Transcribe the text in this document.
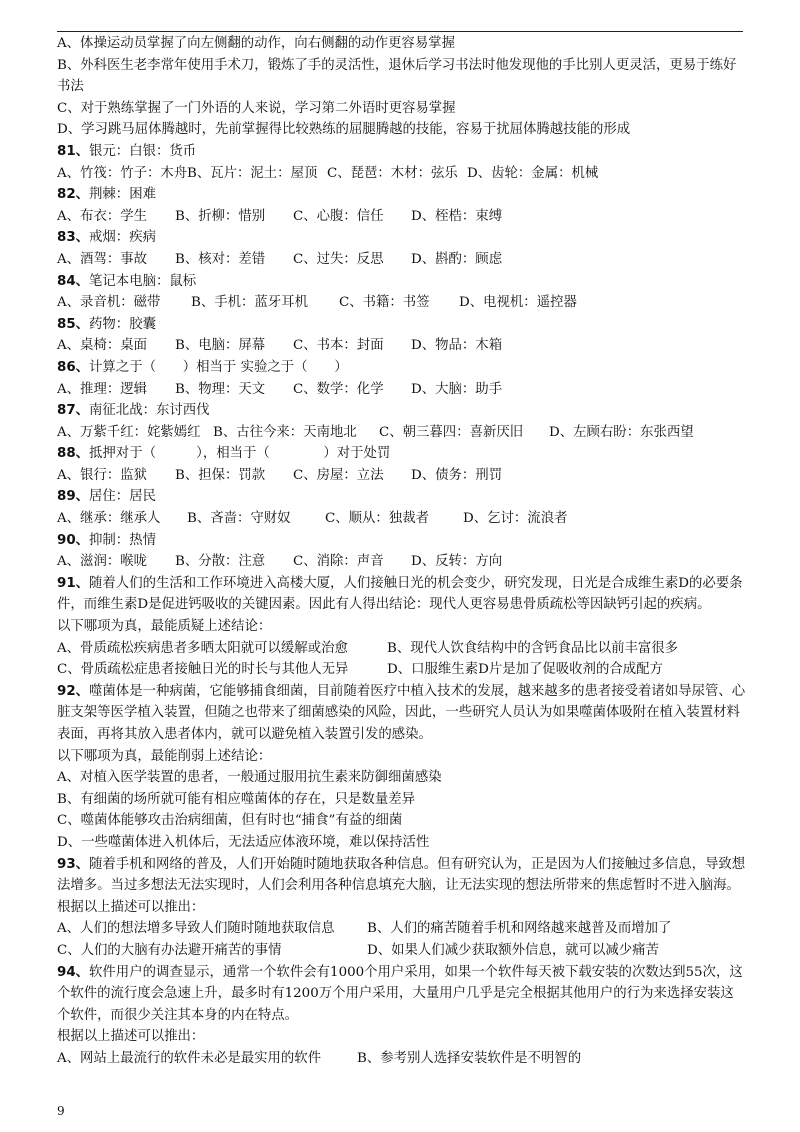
A、体操运动员掌握了向左侧翻的动作，向右侧翻的动作更容易掌握
B、外科医生老李常年使用手术刀，锻炼了手的灵活性，退休后学习书法时他发现他的手比别人更灵活，更易于练好书法
C、对于熟练掌握了一门外语的人来说，学习第二外语时更容易掌握
D、学习跳马屈体腾越时，先前掌握得比较熟练的屈腿腾越的技能，容易于扰屈体腾越技能的形成
81、银元：白银：货币
A、竹筏：竹子：木舟 B、瓦片：泥土：屋顶 C、琵琶：木材：弦乐 D、齿轮：金属：机械
82、荆棘：困难
A、布衣：学生	B、折柳：惜别	C、心腹：信任	D、桎梏：束缚
83、戒烟：疾病
A、酒驾：事故	B、核对：差错	C、过失：反思	D、斟酌：顾虑
84、笔记本电脑：鼠标
A、录音机：磁带	B、手机：蓝牙耳机	C、书籍：书签	D、电视机：遥控器
85、药物：胶囊
A、桌椅：桌面	B、电脑：屏幕	C、书本：封面	D、物品：木箱
86、计算之于（　　）相当于 实验之于（　　）
A、推理：逻辑	B、物理：天文	C、数学：化学	D、大脑：助手
87、南征北战：东讨西伐
A、万紫千红：姹紫嫣红 B、古往今来：天南地北	C、朝三暮四：喜新厌旧	D、左顾右盼：东张西望
88、抵押对于（　　　），相当于（　　　　）对于处罚
A、银行：监狱	B、担保：罚款	C、房屋：立法	D、债务：刑罚
89、居住：居民
A、继承：继承人	B、吝啬：守财奴	C、顺从：独裁者	D、乞讨：流浪者
90、抑制：热情
A、滋润：喉咙	B、分散：注意	C、消除：声音	D、反转：方向
91、随着人们的生活和工作环境进入高楼大厦，人们接触日光的机会变少，研究发现，日光是合成维生素D的必要条件，而维生素D是促进钙吸收的关键因素。因此有人得出结论：现代人更容易患骨质疏松等因缺钙引起的疾病。
以下哪项为真，最能质疑上述结论：
A、骨质疏松疾病患者多晒太阳就可以缓解或治愈	B、现代人饮食结构中的含钙食品比以前丰富很多
C、骨质疏松症患者接触日光的时长与其他人无异	D、口服维生素D片是加了促吸收剂的合成配方
92、噬菌体是一种病菌，它能够捕食细菌，目前随着医疗中植入技术的发展，越来越多的患者接受着诸如导尿管、心脏支架等医学植入装置，但随之也带来了细菌感染的风险，因此，一些研究人员认为如果噬菌体吸附在植入装置材料表面，再将其放入患者体内，就可以避免植入装置引发的感染。
以下哪项为真，最能削弱上述结论：
A、对植入医学装置的患者，一般通过服用抗生素来防御细菌感染
B、有细菌的场所就可能有相应噬菌体的存在，只是数量差异
C、噬菌体能够攻击治病细菌，但有时也“捕食”有益的细菌
D、一些噬菌体进入机体后，无法适应体液环境，难以保持活性
93、随着手机和网络的普及，人们开始随时随地获取各种信息。但有研究认为，正是因为人们接触过多信息，导致想法增多。当过多想法无法实现时，人们会利用各种信息填充大脑，让无法实现的想法所带来的焦虑暂时不进入脑海。
根据以上描述可以推出：
A、人们的想法增多导致人们随时随地获取信息	B、人们的痛苦随着手机和网络越来越普及而增加了
C、人们的大脑有办法避开痛苦的事情	D、如果人们减少获取额外信息，就可以减少痛苦
94、软件用户的调查显示，通常一个软件会有1000个用户采用，如果一个软件每天被下载安装的次数达到55次，这个软件的流行度会急速上升，最多时有1200万个用户采用，大量用户几乎是完全根据其他用户的行为来选择安装这个软件，而很少关注其本身的内在特点。
根据以上描述可以推出：
A、网站上最流行的软件未必是最实用的软件	B、参考别人选择安装软件是不明智的
9
